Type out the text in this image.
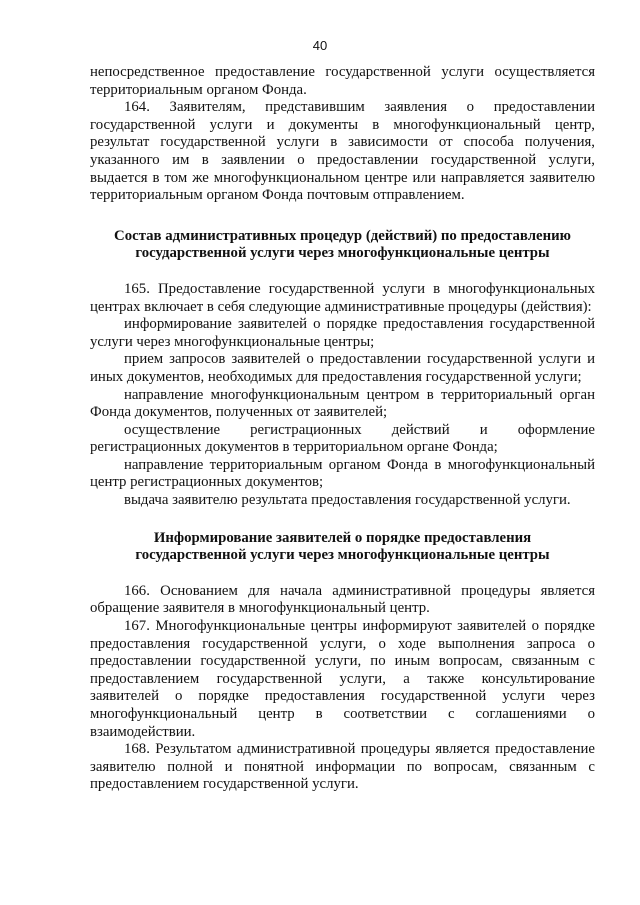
40

непосредственное предоставление государственной услуги осуществляется территориальным органом Фонда.

164. Заявителям, представившим заявления о предоставлении государственной услуги и документы в многофункциональный центр, результат государственной услуги в зависимости от способа получения, указанного им в заявлении о предоставлении государственной услуги, выдается в том же многофункциональном центре или направляется заявителю территориальным органом Фонда почтовым отправлением.

Состав административных процедур (действий) по предоставлению государственной услуги через многофункциональные центры

165. Предоставление государственной услуги в многофункциональных центрах включает в себя следующие административные процедуры (действия):

информирование заявителей о порядке предоставления государственной услуги через многофункциональные центры;

прием запросов заявителей о предоставлении государственной услуги и иных документов, необходимых для предоставления государственной услуги;

направление многофункциональным центром в территориальный орган Фонда документов, полученных от заявителей;

осуществление регистрационных действий и оформление регистрационных документов в территориальном органе Фонда;

направление территориальным органом Фонда в многофункциональный центр регистрационных документов;

выдача заявителю результата предоставления государственной услуги.

Информирование заявителей о порядке предоставления государственной услуги через многофункциональные центры

166. Основанием для начала административной процедуры является обращение заявителя в многофункциональный центр.

167. Многофункциональные центры информируют заявителей о порядке предоставления государственной услуги, о ходе выполнения запроса о предоставлении государственной услуги, по иным вопросам, связанным с предоставлением государственной услуги, а также консультирование заявителей о порядке предоставления государственной услуги через многофункциональный центр в соответствии с соглашениями о взаимодействии.

168. Результатом административной процедуры является предоставление заявителю полной и понятной информации по вопросам, связанным с предоставлением государственной услуги.
